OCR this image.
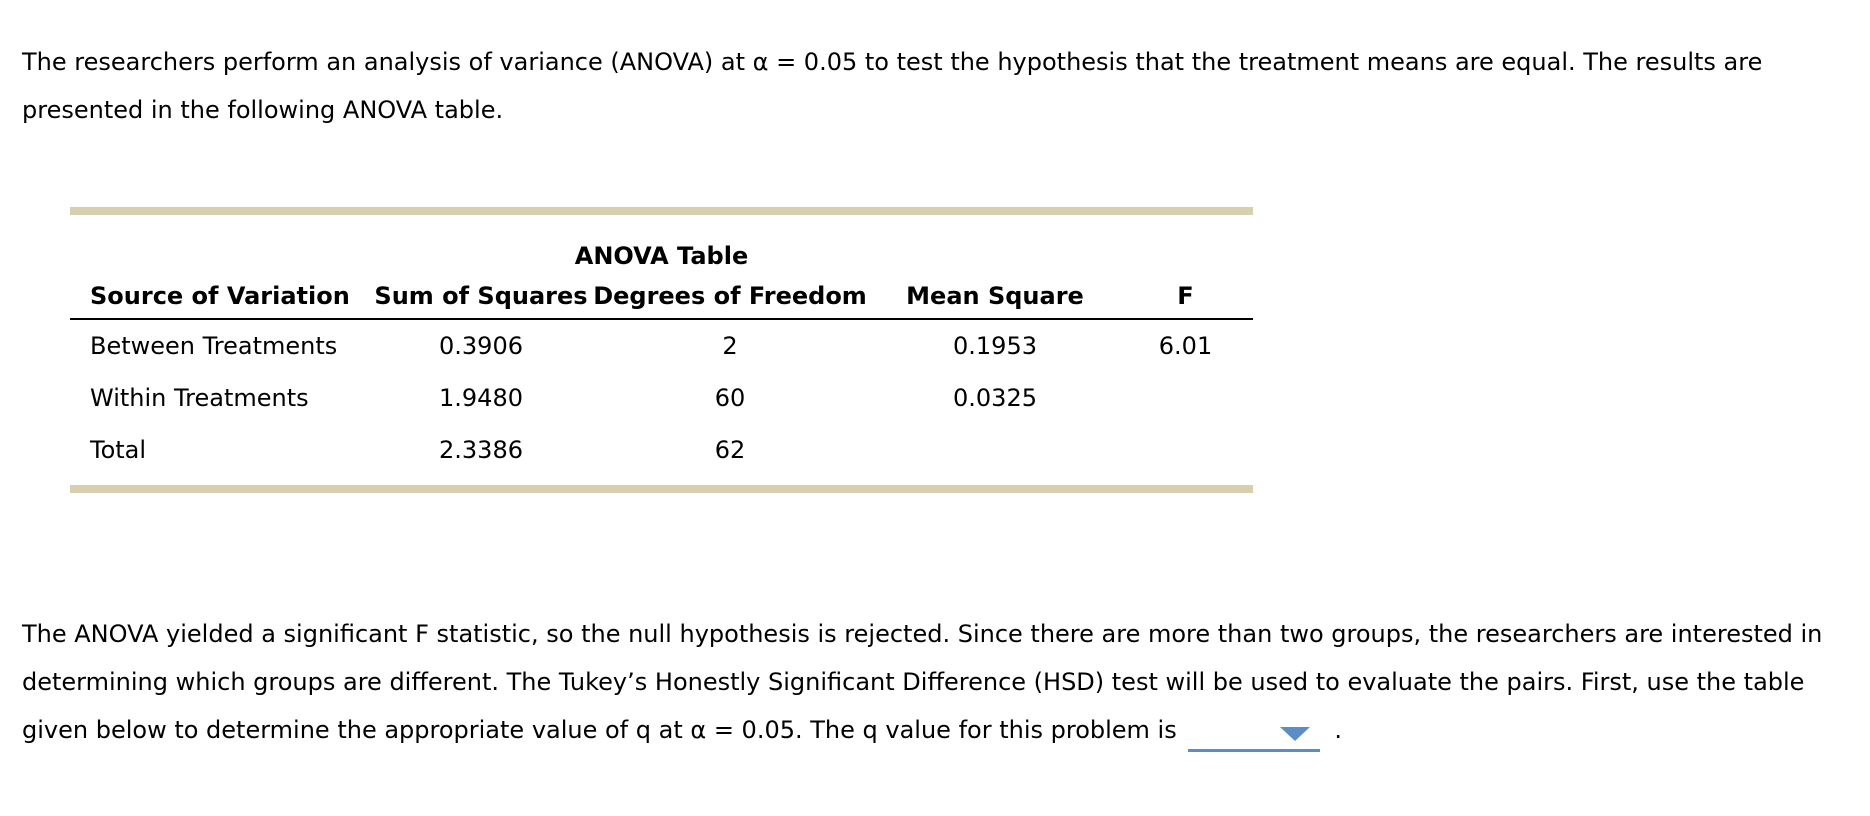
The researchers perform an analysis of variance (ANOVA) at α = 0.05 to test the hypothesis that the treatment means are equal. The results are presented in the following ANOVA table.

ANOVA Table
Source of Variation	Sum of Squares	Degrees of Freedom	Mean Square	F
Between Treatments	0.3906	2	0.1953	6.01
Within Treatments	1.9480	60	0.0325	
Total	2.3386	62		

The ANOVA yielded a significant F statistic, so the null hypothesis is rejected. Since there are more than two groups, the researchers are interested in determining which groups are different. The Tukey’s Honestly Significant Difference (HSD) test will be used to evaluate the pairs. First, use the table given below to determine the appropriate value of q at α = 0.05. The q value for this problem is	.
